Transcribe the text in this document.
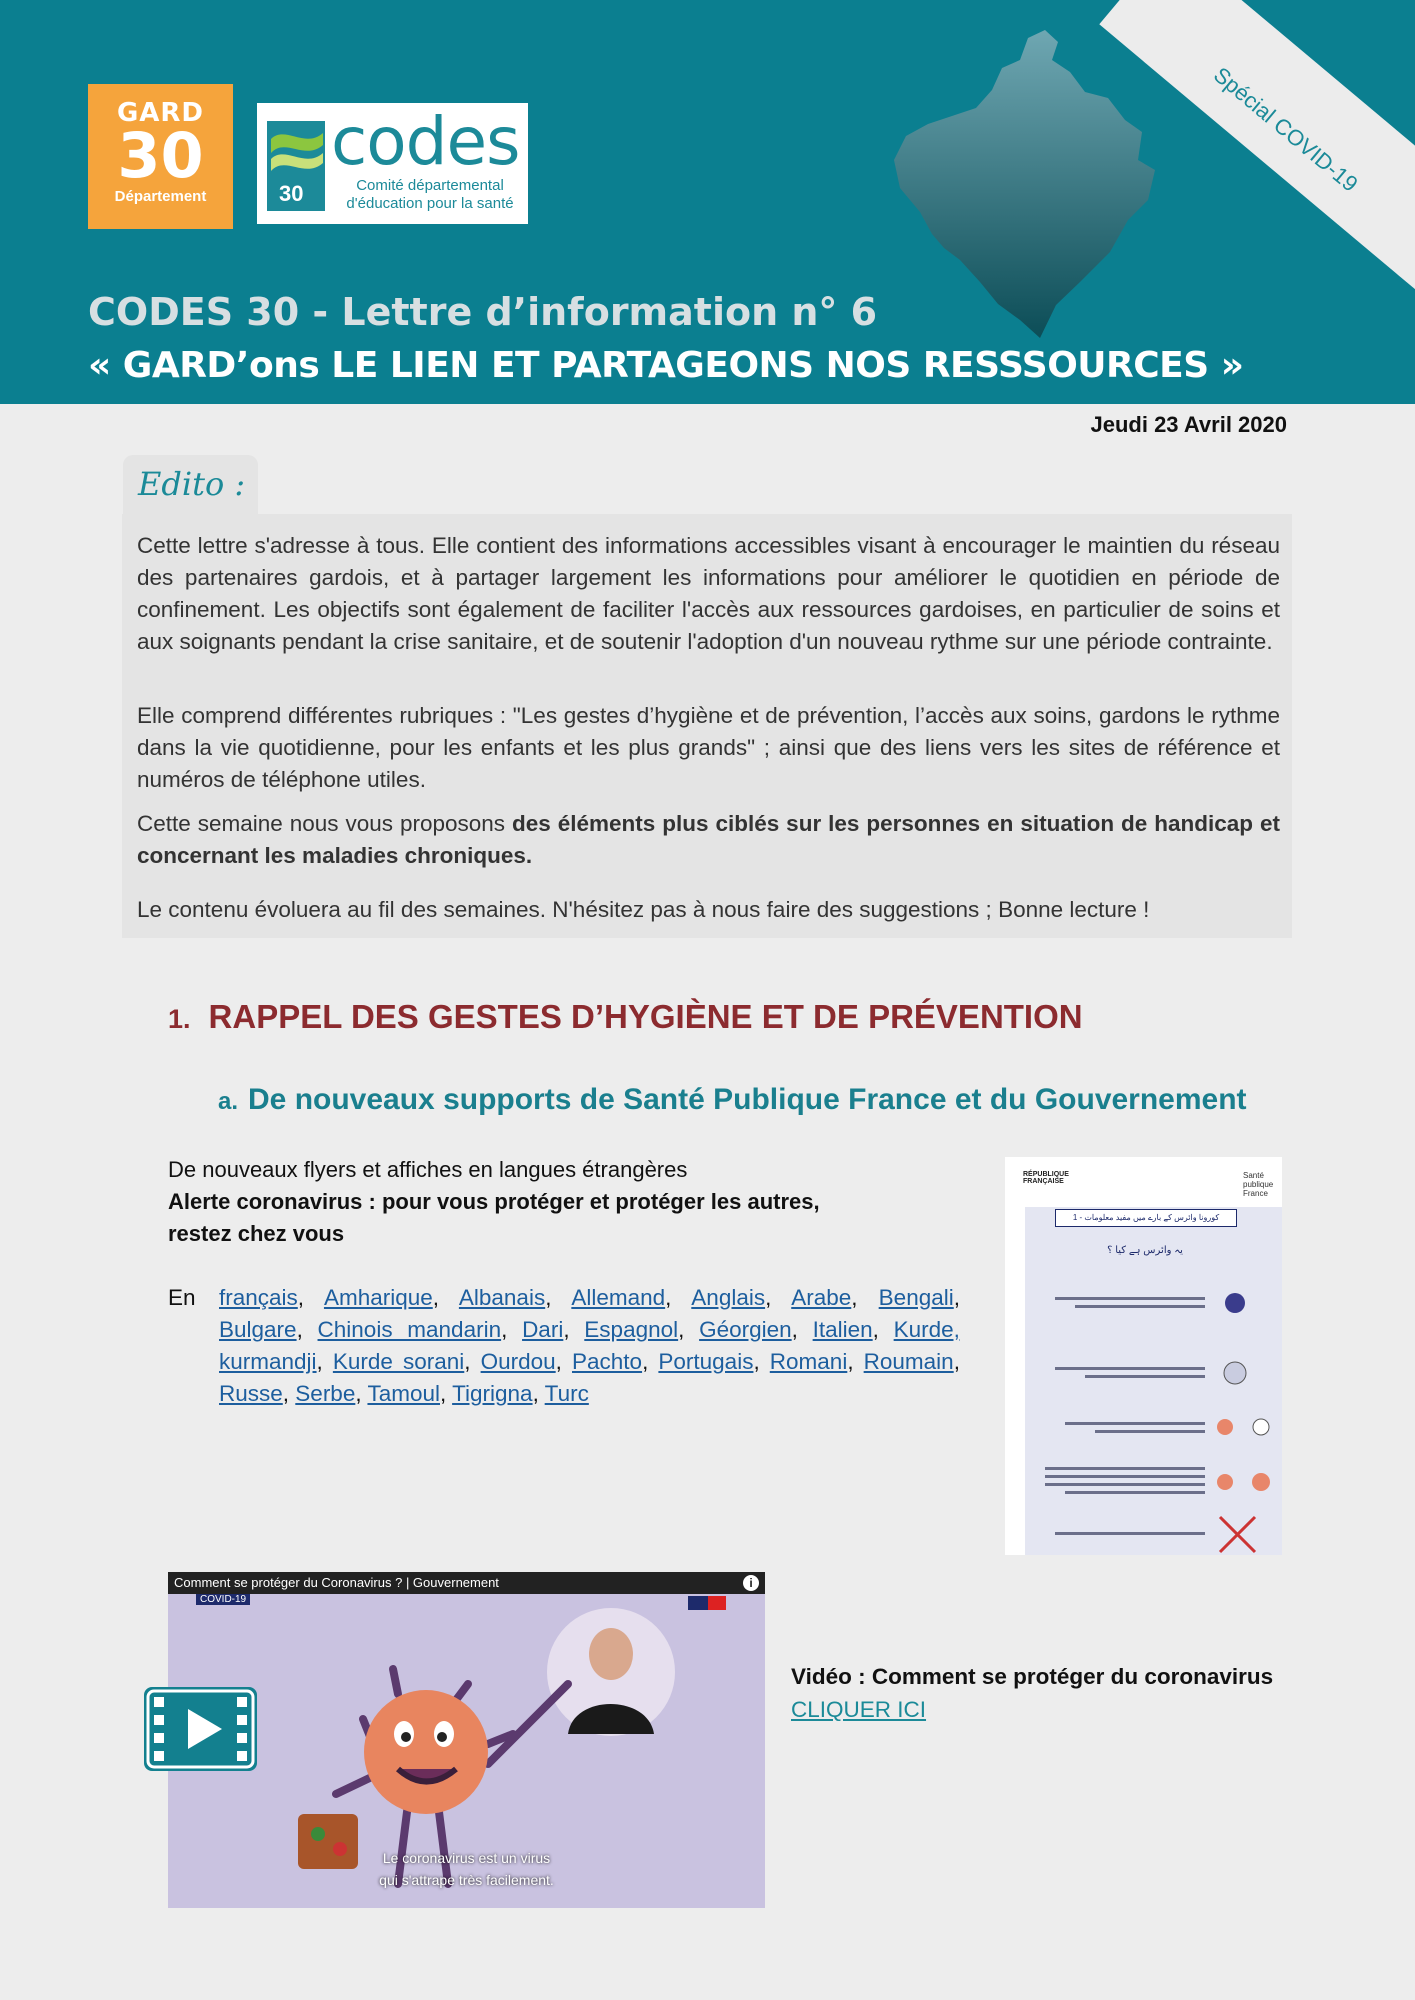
Spécial COVID-19
GARD
30
Département	30
codes
Comité départemental
d'éducation pour la santé
CODES 30 - Lettre d’information n° 6
« GARD’ons LE LIEN ET PARTAGEONS NOS RESSSOURCES »
Jeudi 23 Avril 2020
Edito :

Cette lettre s'adresse à tous. Elle contient des informations accessibles visant à encourager le maintien du réseau des partenaires gardois, et à partager largement les informations pour améliorer le quotidien en période de confinement. Les objectifs sont également de faciliter l'accès aux ressources gardoises, en particulier de soins et aux soignants pendant la crise sanitaire, et de soutenir l'adoption d'un nouveau rythme sur une période contrainte.

Elle comprend différentes rubriques : "Les gestes d’hygiène et de prévention, l’accès aux soins, gardons le rythme dans la vie quotidienne, pour les enfants et les plus grands" ; ainsi que des liens vers les sites de référence et numéros de téléphone utiles.

Cette semaine nous vous proposons des éléments plus ciblés sur les personnes en situation de handicap et concernant les maladies chroniques.

Le contenu évoluera au fil des semaines. N'hésitez pas à nous faire des suggestions ; Bonne lecture !

1. RAPPEL DES GESTES D’HYGIÈNE ET DE PRÉVENTION
a. De nouveaux supports de Santé Publique France et du Gouvernement
De nouveaux flyers et affiches en langues étrangères
Alerte coronavirus : pour vous protéger et protéger les autres,
restez chez vous
En français, Amharique, Albanais, Allemand, Anglais, Arabe, Bengali, Bulgare, Chinois mandarin, Dari, Espagnol, Géorgien, Italien, Kurde, kurmandji, Kurde sorani, Ourdou, Pachto, Portugais, Romani, Roumain, Russe, Serbe, Tamoul, Tigrigna, Turc
RÉPUBLIQUE FRANÇAISE
Santé
publique
France
1 - کورونا وائرس کے بارے میں مفید معلومات
یہ وائرس ہے کیا ؟
Comment se protéger du Coronavirus ? | Gouvernement	i
COVID-19
Le coronavirus est un virus
qui s'attrape très facilement.
Vidéo : Comment se protéger du coronavirus
CLIQUER ICI
